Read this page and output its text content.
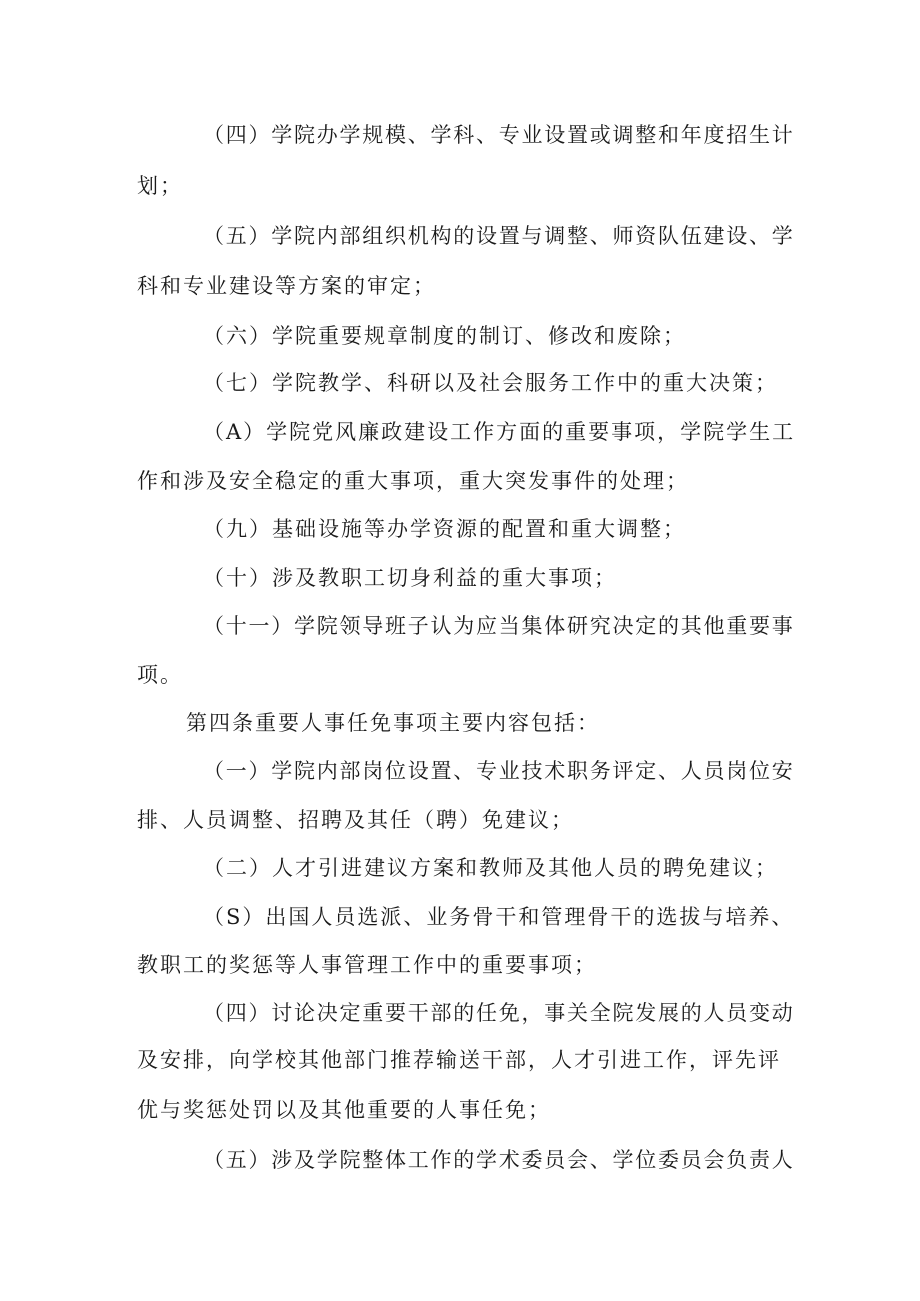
（四）学院办学规模、学科、专业设置或调整和年度招生计
划；
（五）学院内部组织机构的设置与调整、师资队伍建设、学
科和专业建设等方案的审定；
（六）学院重要规章制度的制订、修改和废除；
（七）学院教学、科研以及社会服务工作中的重大决策；
（A）学院党风廉政建设工作方面的重要事项，学院学生工
作和涉及安全稳定的重大事项，重大突发事件的处理；
（九）基础设施等办学资源的配置和重大调整；
（十）涉及教职工切身利益的重大事项；
（十一）学院领导班子认为应当集体研究决定的其他重要事
项。
第四条重要人事任免事项主要内容包括：
（一）学院内部岗位设置、专业技术职务评定、人员岗位安
排、人员调整、招聘及其任（聘）免建议；
（二）人才引进建议方案和教师及其他人员的聘免建议；
（S）出国人员选派、业务骨干和管理骨干的选拔与培养、
教职工的奖惩等人事管理工作中的重要事项；
（四）讨论决定重要干部的任免，事关全院发展的人员变动
及安排，向学校其他部门推荐输送干部，人才引进工作，评先评
优与奖惩处罚以及其他重要的人事任免；
（五）涉及学院整体工作的学术委员会、学位委员会负责人
